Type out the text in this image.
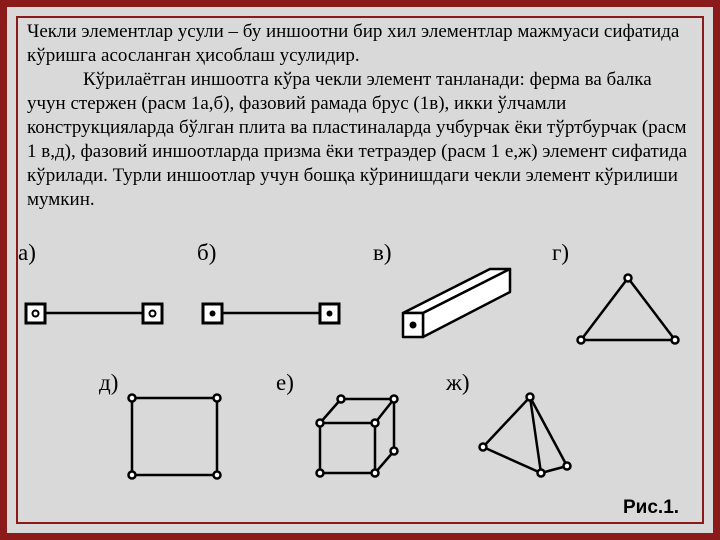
Чекли элементлар усули – бу иншоотни бир хил элементлар мажмуаси сифатида кўришга асосланган ҳисоблаш усулидир.

Кўрилаётган иншоотга кўра чекли элемент танланади: ферма ва балка учун стержен (расм 1а,б), фазовий рамада брус (1в), икки ўлчамли конструкцияларда бўлган плита ва пластиналарда учбурчак ёки тўртбурчак (расм 1 в,д), фазовий иншоотларда призма ёки тетраэдер (расм 1 е,ж) элемент сифатида кўрилади. Турли иншоотлар учун бошқа кўринишдаги чекли элемент кўрилиши мумкин.

а)	б)	в)	г)
д)	е)	ж)
Рис.1.
